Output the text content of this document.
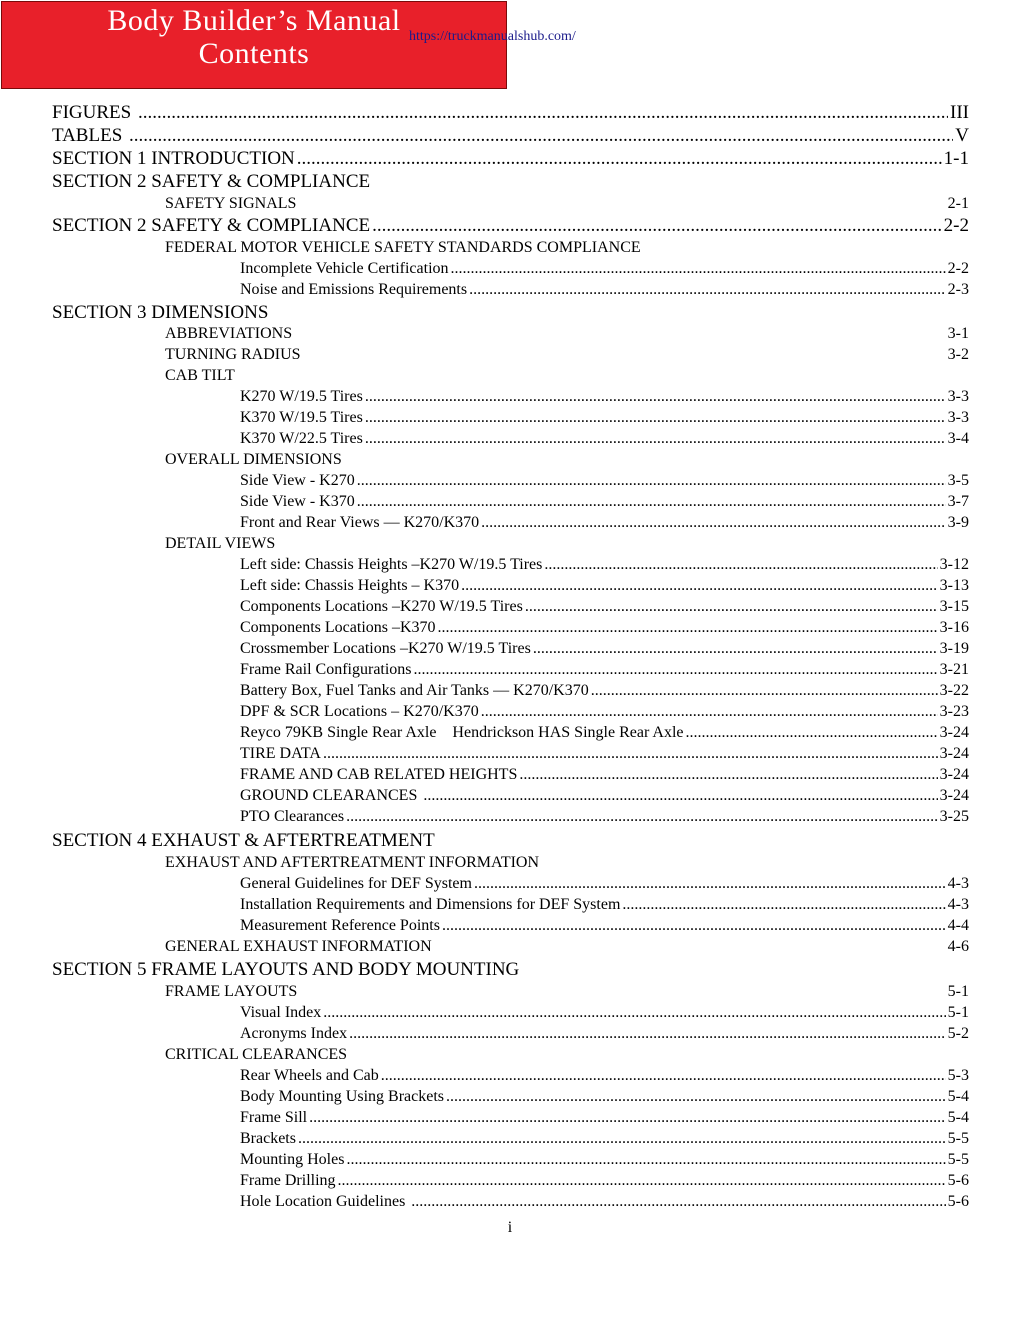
Body Builder’s Manual
Contents
https://truckmanualshub.com/
FIGURES .....	III
TABLES .....	V
SECTION 1 INTRODUCTION .....	1-1
SECTION 2 SAFETY & COMPLIANCE
SAFETY SIGNALS	2-1
SECTION 2 SAFETY & COMPLIANCE .....	2-2
FEDERAL MOTOR VEHICLE SAFETY STANDARDS COMPLIANCE
Incomplete Vehicle Certification .....	2-2
Noise and Emissions Requirements .....	2-3
SECTION 3 DIMENSIONS
ABBREVIATIONS	3-1
TURNING RADIUS	3-2
CAB TILT
K270 W/19.5 Tires .....	3-3
K370 W/19.5 Tires .....	3-3
K370 W/22.5 Tires .....	3-4
OVERALL DIMENSIONS
Side View - K270 .....	3-5
Side View - K370 .....	3-7
Front and Rear Views — K270/K370 .....	3-9
DETAIL VIEWS
Left side: Chassis Heights –K270 W/19.5 Tires .....	3-12
Left side: Chassis Heights – K370 .....	3-13
Components Locations –K270 W/19.5 Tires .....	3-15
Components Locations –K370 .....	3-16
Crossmember Locations –K270 W/19.5 Tires .....	3-19
Frame Rail Configurations .....	3-21
Battery Box, Fuel Tanks and Air Tanks — K270/K370 .....	3-22
DPF & SCR Locations – K270/K370 .....	3-23
Reyco 79KB Single Rear Axle    Hendrickson HAS Single Rear Axle .....	3-24
TIRE DATA .....	3-24
FRAME AND CAB RELATED HEIGHTS .....	3-24
GROUND CLEARANCES .....	3-24
PTO Clearances .....	3-25
SECTION 4 EXHAUST & AFTERTREATMENT
EXHAUST AND AFTERTREATMENT INFORMATION
General Guidelines for DEF System .....	4-3
Installation Requirements and Dimensions for DEF System .....	4-3
Measurement Reference Points .....	4-4
GENERAL EXHAUST INFORMATION	4-6
SECTION 5 FRAME LAYOUTS AND BODY MOUNTING
FRAME LAYOUTS	5-1
Visual Index .....	5-1
Acronyms Index .....	5-2
CRITICAL CLEARANCES
Rear Wheels and Cab .....	5-3
Body Mounting Using Brackets .....	5-4
Frame Sill .....	5-4
Brackets .....	5-5
Mounting Holes .....	5-5
Frame Drilling .....	5-6
Hole Location Guidelines .....	5-6
i
